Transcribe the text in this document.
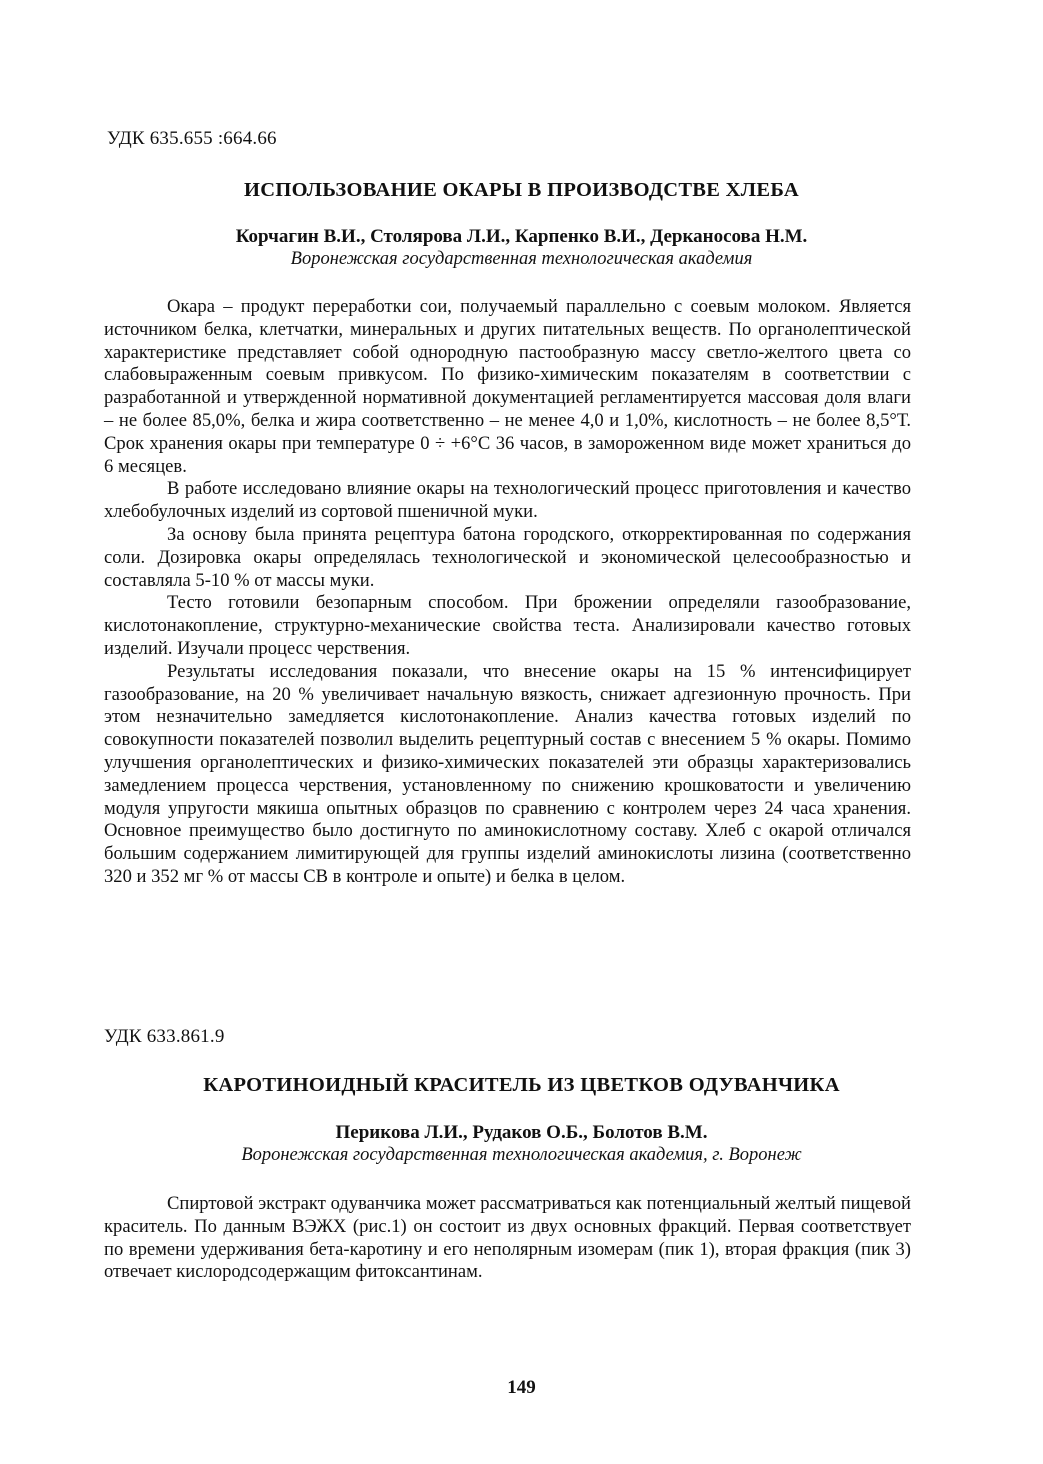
УДК 635.655 :664.66
ИСПОЛЬЗОВАНИЕ ОКАРЫ В ПРОИЗВОДСТВЕ ХЛЕБА
Корчагин В.И., Столярова Л.И., Карпенко В.И., Дерканосова Н.М.
Воронежская государственная технологическая академия

Окара – продукт переработки сои, получаемый параллельно с соевым молоком. Является источником белка, клетчатки, минеральных и других питательных веществ. По органолептической характеристике представляет собой однородную пастообразную массу светло-желтого цвета со слабовыраженным соевым привкусом. По физико-химическим показателям в соответствии с разработанной и утвержденной нормативной документацией регламентируется массовая доля влаги – не более 85,0%, белка и жира соответственно – не менее 4,0 и 1,0%, кислотность – не более 8,5°Т. Срок хранения окары при температуре 0 ÷ +6°С 36 часов, в замороженном виде может храниться до 6 месяцев.

В работе исследовано влияние окары на технологический процесс приготовления и качество хлебобулочных изделий из сортовой пшеничной муки.

За основу была принята рецептура батона городского, откорректированная по содержания соли. Дозировка окары определялась технологической и экономической целесообразностью и составляла 5-10 % от массы муки.

Тесто готовили безопарным способом. При брожении определяли газообразование, кислотонакопление, структурно-механические свойства теста. Анализировали качество готовых изделий. Изучали процесс черствения.

Результаты исследования показали, что внесение окары на 15 % интенсифицирует газообразование, на 20 % увеличивает начальную вязкость, снижает адгезионную прочность. При этом незначительно замедляется кислотонакопление. Анализ качества готовых изделий по совокупности показателей позволил выделить рецептурный состав с внесением 5 % окары. Помимо улучшения органолептических и физико-химических показателей эти образцы характеризовались замедлением процесса черствения, установленному по снижению крошковатости и увеличению модуля упругости мякиша опытных образцов по сравнению с контролем через 24 часа хранения. Основное преимущество было достигнуто по аминокислотному составу. Хлеб с окарой отличался большим содержанием лимитирующей для группы изделий аминокислоты лизина (соответственно 320 и 352 мг % от массы СВ в контроле и опыте) и белка в целом.

УДК 633.861.9
КАРОТИНОИДНЫЙ КРАСИТЕЛЬ ИЗ ЦВЕТКОВ ОДУВАНЧИКА
Перикова Л.И., Рудаков О.Б., Болотов В.М.
Воронежская государственная технологическая академия, г. Воронеж

Спиртовой экстракт одуванчика может рассматриваться как потенциальный желтый пищевой краситель. По данным ВЭЖХ (рис.1) он состоит из двух основных фракций. Первая соответствует по времени удерживания бета-каротину и его неполярным изомерам (пик 1), вторая фракция (пик 3) отвечает кислородсодержащим фитоксантинам.

149
